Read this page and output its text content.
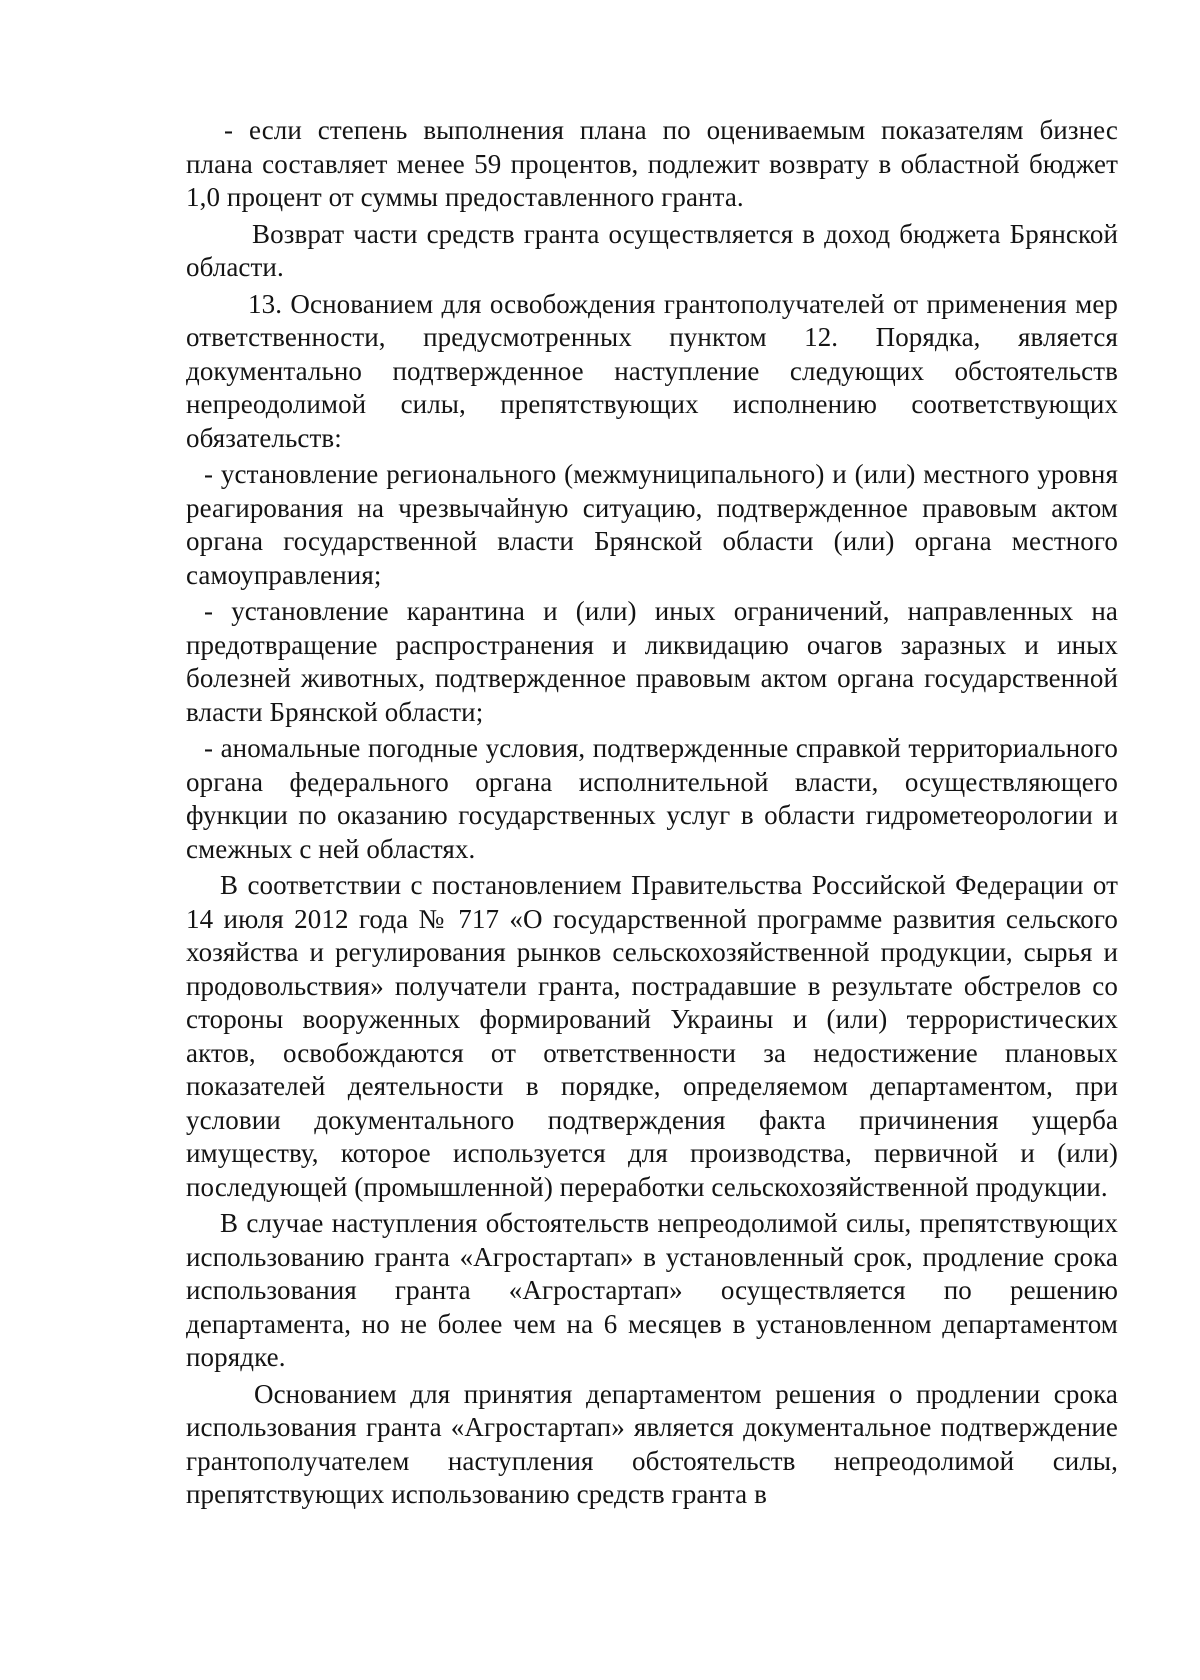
- если степень выполнения плана по оцениваемым показателям бизнес плана составляет менее 59 процентов, подлежит возврату в областной бюджет 1,0 процент от суммы предоставленного гранта.

Возврат части средств гранта осуществляется в доход бюджета Брянской области.

13. Основанием для освобождения грантополучателей от применения мер ответственности, предусмотренных пунктом 12. Порядка, является документально подтвержденное наступление следующих обстоятельств непреодолимой силы, препятствующих исполнению соответствующих обязательств:

- установление регионального (межмуниципального) и (или) местного уровня реагирования на чрезвычайную ситуацию, подтвержденное правовым актом органа государственной власти Брянской области (или) органа местного самоуправления;

- установление карантина и (или) иных ограничений, направленных на предотвращение распространения и ликвидацию очагов заразных и иных болезней животных, подтвержденное правовым актом органа государственной власти Брянской области;

- аномальные погодные условия, подтвержденные справкой территориального органа федерального органа исполнительной власти, осуществляющего функции по оказанию государственных услуг в области гидрометеорологии и смежных с ней областях.

В соответствии с постановлением Правительства Российской Федерации от 14 июля 2012 года № 717 «О государственной программе развития сельского хозяйства и регулирования рынков сельскохозяйственной продукции, сырья и продовольствия» получатели гранта, пострадавшие в результате обстрелов со стороны вооруженных формирований Украины и (или) террористических актов, освобождаются от ответственности за недостижение плановых показателей деятельности в порядке, определяемом департаментом, при условии документального подтверждения факта причинения ущерба имуществу, которое используется для производства, первичной и (или) последующей (промышленной) переработки сельскохозяйственной продукции.

В случае наступления обстоятельств непреодолимой силы, препятствующих использованию гранта «Агростартап» в установленный срок, продление срока использования гранта «Агростартап» осуществляется по решению департамента, но не более чем на 6 месяцев в установленном департаментом порядке.

Основанием для принятия департаментом решения о продлении срока использования гранта «Агростартап» является документальное подтверждение грантополучателем наступления обстоятельств непреодолимой силы, препятствующих использованию средств гранта в
